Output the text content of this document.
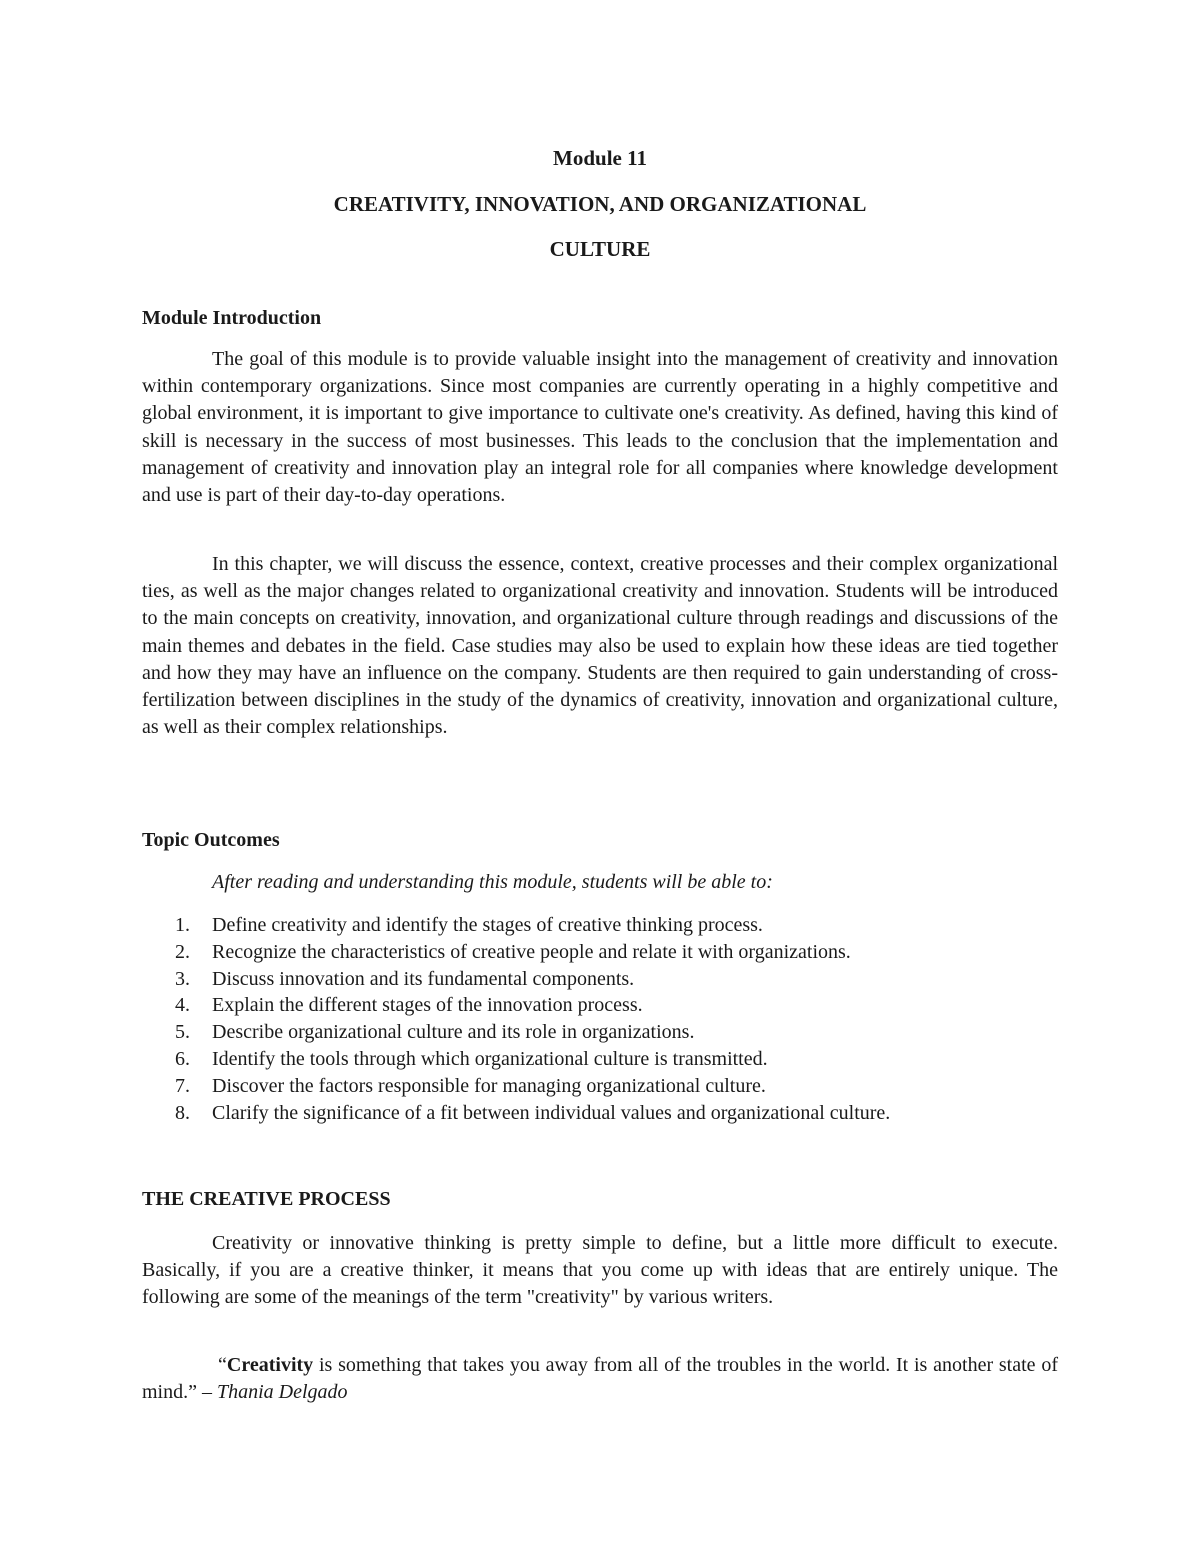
Module 11
CREATIVITY, INNOVATION, AND ORGANIZATIONAL
CULTURE
Module Introduction

The goal of this module is to provide valuable insight into the management of creativity and innovation within contemporary organizations. Since most companies are currently operating in a highly competitive and global environment, it is important to give importance to cultivate one's creativity. As defined, having this kind of skill is necessary in the success of most businesses. This leads to the conclusion that the implementation and management of creativity and innovation play an integral role for all companies where knowledge development and use is part of their day-to-day operations.

In this chapter, we will discuss the essence, context, creative processes and their complex organizational ties, as well as the major changes related to organizational creativity and innovation. Students will be introduced to the main concepts on creativity, innovation, and organizational culture through readings and discussions of the main themes and debates in the field. Case studies may also be used to explain how these ideas are tied together and how they may have an influence on the company. Students are then required to gain understanding of cross-fertilization between disciplines in the study of the dynamics of creativity, innovation and organizational culture, as well as their complex relationships.

Topic Outcomes
After reading and understanding this module, students will be able to:
1. Define creativity and identify the stages of creative thinking process.
2. Recognize the characteristics of creative people and relate it with organizations.
3. Discuss innovation and its fundamental components.
4. Explain the different stages of the innovation process.
5. Describe organizational culture and its role in organizations.
6. Identify the tools through which organizational culture is transmitted.
7. Discover the factors responsible for managing organizational culture.
8. Clarify the significance of a fit between individual values and organizational culture.
THE CREATIVE PROCESS

Creativity or innovative thinking is pretty simple to define, but a little more difficult to execute. Basically, if you are a creative thinker, it means that you come up with ideas that are entirely unique. The following are some of the meanings of the term "creativity" by various writers.

“Creativity is something that takes you away from all of the troubles in the world. It is another state of mind.” – Thania Delgado
